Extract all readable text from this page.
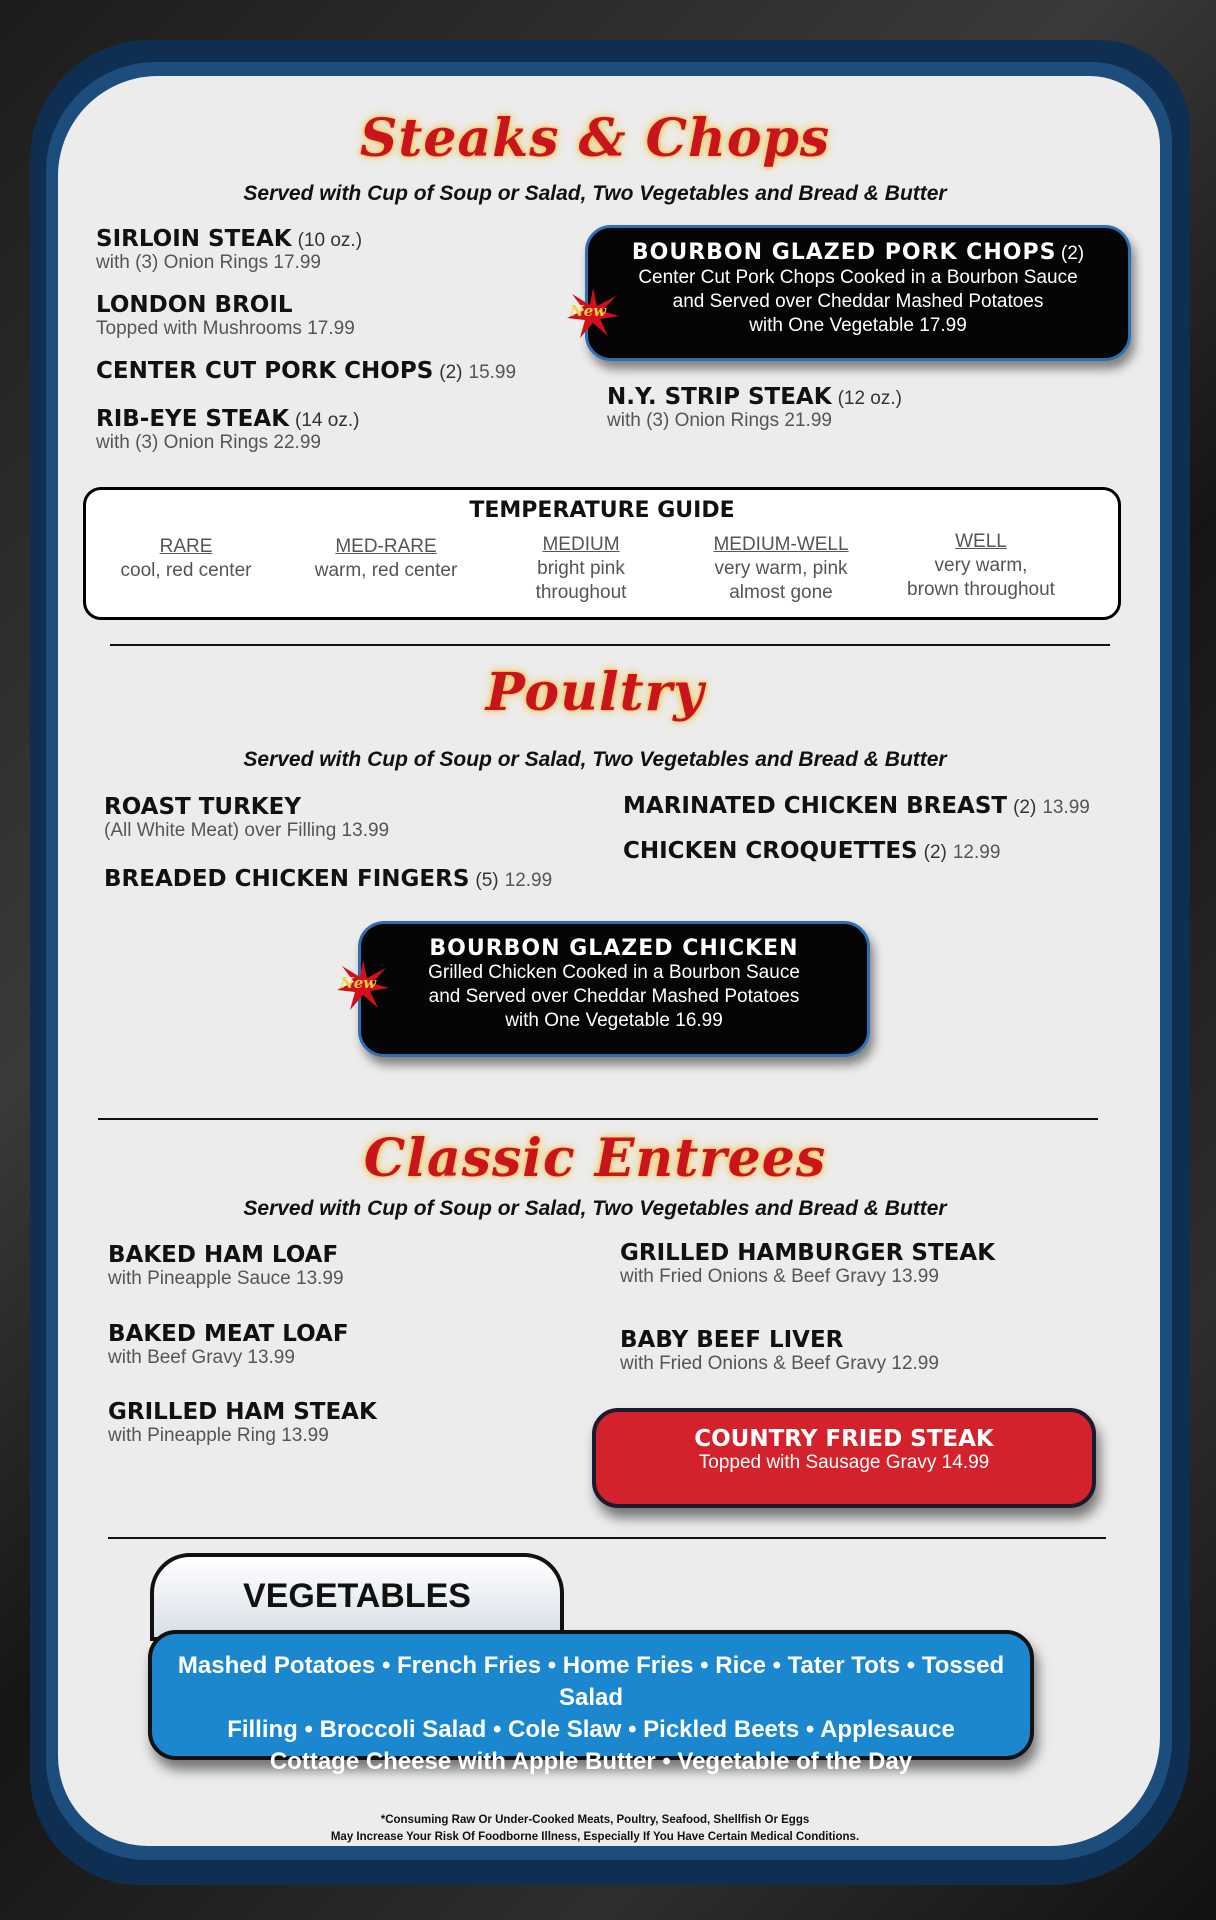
Steaks & Chops
Served with Cup of Soup or Salad, Two Vegetables and Bread & Butter
SIRLOIN STEAK (10 oz.)
with (3) Onion Rings 17.99
LONDON BROIL
Topped with Mushrooms 17.99
CENTER CUT PORK CHOPS (2) 15.99
RIB-EYE STEAK (14 oz.)
with (3) Onion Rings 22.99
N.Y. STRIP STEAK (12 oz.)
with (3) Onion Rings 21.99
BOURBON GLAZED PORK CHOPS (2)
Center Cut Pork Chops Cooked in a Bourbon Sauce
and Served over Cheddar Mashed Potatoes
with One Vegetable 17.99
New
TEMPERATURE GUIDE
RARE
cool, red center
MED-RARE
warm, red center
MEDIUM
bright pink
throughout
MEDIUM-WELL
very warm, pink
almost gone
WELL
very warm,
brown throughout
Poultry
Served with Cup of Soup or Salad, Two Vegetables and Bread & Butter
ROAST TURKEY
(All White Meat) over Filling 13.99
BREADED CHICKEN FINGERS (5) 12.99
MARINATED CHICKEN BREAST (2) 13.99
CHICKEN CROQUETTES (2) 12.99
BOURBON GLAZED CHICKEN
Grilled Chicken Cooked in a Bourbon Sauce
and Served over Cheddar Mashed Potatoes
with One Vegetable 16.99
New
Classic Entrees
Served with Cup of Soup or Salad, Two Vegetables and Bread & Butter
BAKED HAM LOAF
with Pineapple Sauce 13.99
BAKED MEAT LOAF
with Beef Gravy 13.99
GRILLED HAM STEAK
with Pineapple Ring 13.99
GRILLED HAMBURGER STEAK
with Fried Onions & Beef Gravy 13.99
BABY BEEF LIVER
with Fried Onions & Beef Gravy 12.99
COUNTRY FRIED STEAK
Topped with Sausage Gravy 14.99
VEGETABLES
Mashed Potatoes • French Fries • Home Fries • Rice • Tater Tots • Tossed Salad
Filling • Broccoli Salad • Cole Slaw • Pickled Beets • Applesauce
Cottage Cheese with Apple Butter • Vegetable of the Day
*Consuming Raw Or Under-Cooked Meats, Poultry, Seafood, Shellfish Or Eggs
May Increase Your Risk Of Foodborne Illness, Especially If You Have Certain Medical Conditions.
